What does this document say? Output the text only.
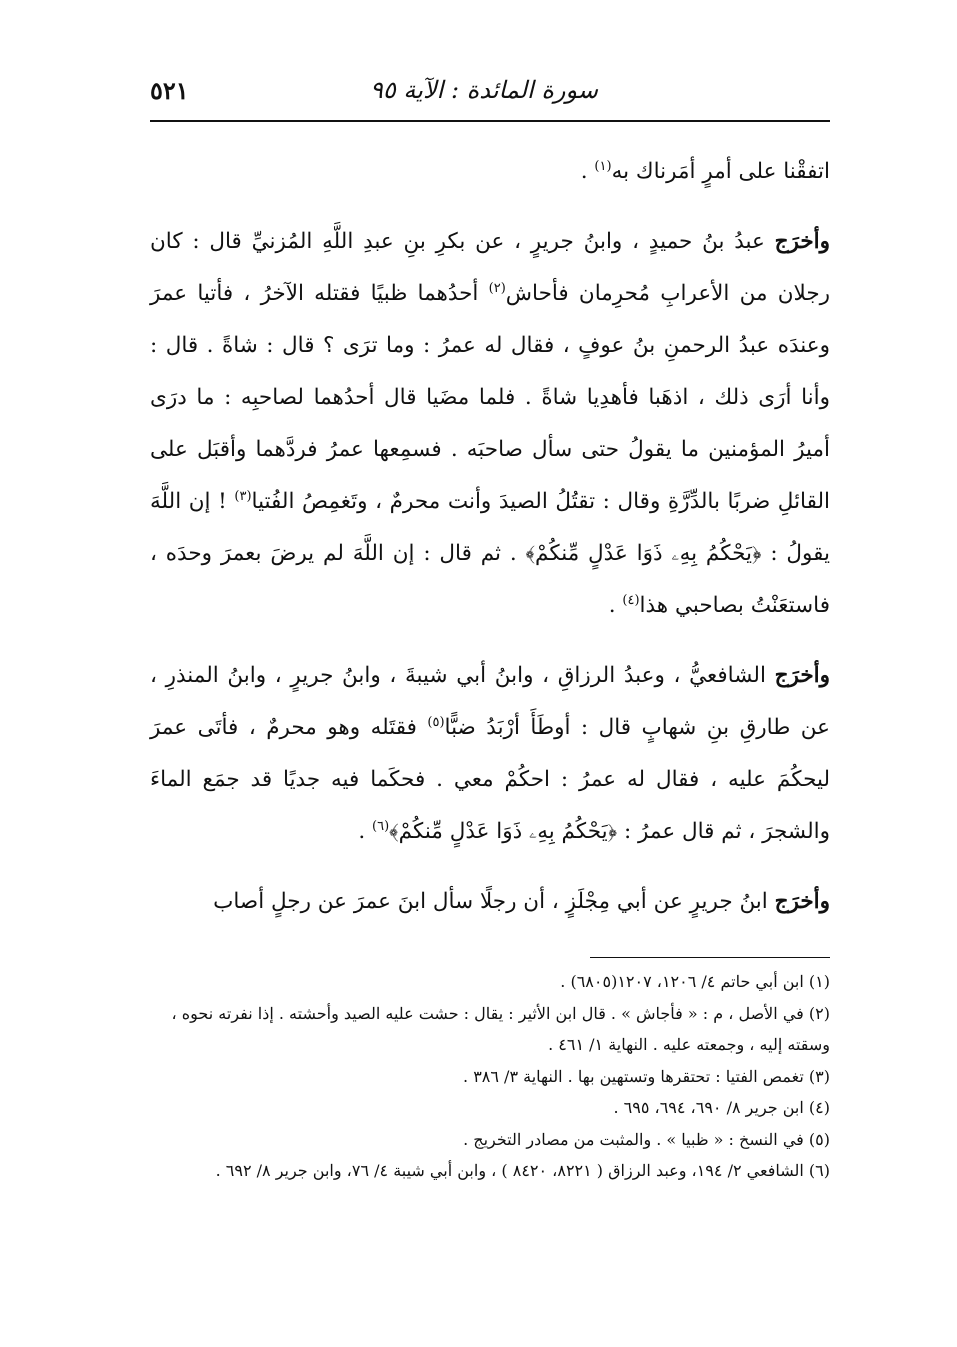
سورة المائدة : الآية ٩٥
٥٢١

اتفقْنا على أمرٍ أمَرناك به$^{(١)}$ .

وأخرَج عبدُ بنُ حميدٍ ، وابنُ جريرٍ ، عن بكرِ بنِ عبدِ اللَّهِ المُزنيِّ قال : كان رجلان من الأعرابِ مُحرِمان فأحاش$^{(٢)}$ أحدُهما ظبيًا فقتله الآخرُ ، فأتيا عمرَ وعندَه عبدُ الرحمنِ بنُ عوفٍ ، فقال له عمرُ : وما ترَى ؟ قال : شاةً . قال : وأنا أرَى ذلك ، اذهَبا فأهدِيا شاةً . فلما مضَيا قال أحدُهما لصاحبِه : ما درَى أميرُ المؤمنين ما يقولُ حتى سأل صاحبَه . فسمِعها عمرُ فردَّهما وأقبَل على القائلِ ضربًا بالدِّرَّةِ وقال : تقتُلُ الصيدَ وأنت محرمٌ ، وتَغمِصُ الفُتيا$^{(٣)}$ ! إن اللَّهَ يقولُ : ﴿يَحْكُمُ بِهِۦ ذَوَا عَدْلٍ مِّنكُمْ﴾ . ثم قال : إن اللَّهَ لم يرضَ بعمرَ وحدَه ، فاستعَنْتُ بصاحبي هذا$^{(٤)}$ .

وأخرَج الشافعيُّ ، وعبدُ الرزاقِ ، وابنُ أبي شيبةَ ، وابنُ جريرٍ ، وابنُ المنذرِ ، عن طارقِ بنِ شهابٍ قال : أوطَأَ أرْبَدُ ضبًّا$^{(٥)}$ فقتَله وهو محرمٌ ، فأتَى عمرَ ليحكُمَ عليه ، فقال له عمرُ : احكُمْ معي . فحكَما فيه جديًا قد جمَع الماءَ والشجرَ ، ثم قال عمرُ : ﴿يَحْكُمُ بِهِۦ ذَوَا عَدْلٍ مِّنكُمْ﴾$^{(٦)}$ .

وأخرَج ابنُ جريرٍ عن أبي مِجْلَزٍ ، أن رجلًا سأل ابنَ عمرَ عن رجلٍ أصاب

(١) ابن أبي حاتم ٤/ ١٢٠٦، ١٢٠٧(٦٨٠٥) .

(٢) في الأصل ، م : « فأجاش » . قال ابن الأثير : يقال : حشت عليه الصيد وأحشته . إذا نفرته نحوه ، وسقته إليه ، وجمعته عليه . النهاية ١/ ٤٦١ .

(٣) تغمص الفتيا : تحتقرها وتستهين بها . النهاية ٣/ ٣٨٦ .

(٤) ابن جرير ٨/ ٦٩٠، ٦٩٤، ٦٩٥ .

(٥) في النسخ : « ظبيا » . والمثبت من مصادر التخريج .

(٦) الشافعي ٢/ ١٩٤، وعبد الرزاق ( ٨٢٢١، ٨٤٢٠ ) ، وابن أبي شيبة ٤/ ٧٦، وابن جرير ٨/ ٦٩٢ .
